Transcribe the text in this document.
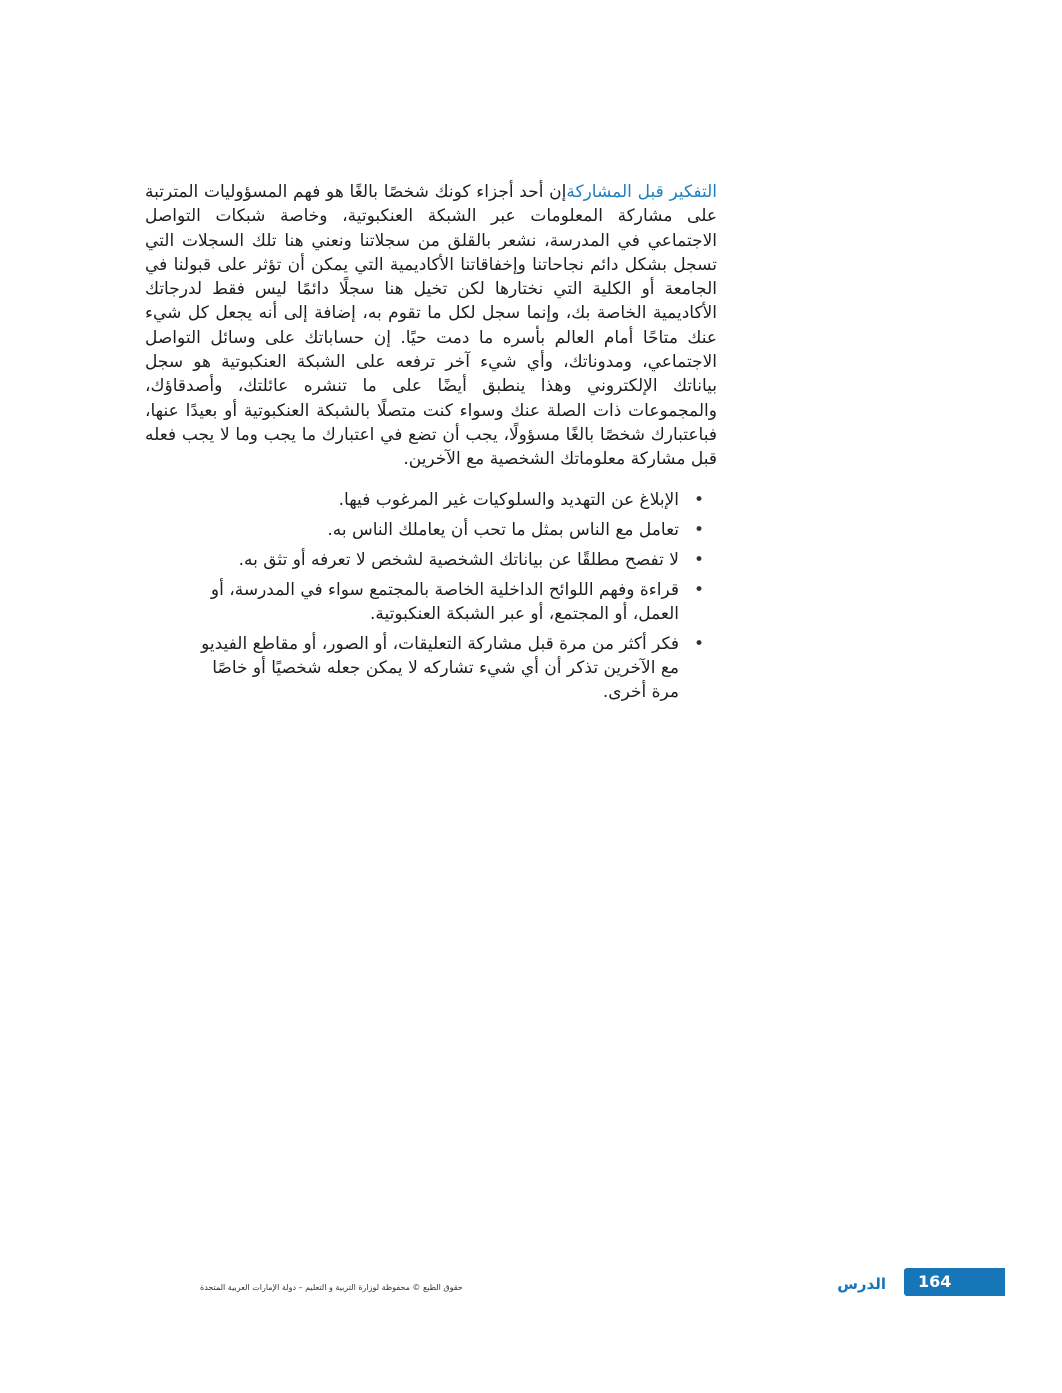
التفكير قبل المشاركةإن أحد أجزاء كونك شخصًا بالغًا هو فهم المسؤوليات المترتبة على مشاركة المعلومات عبر الشبكة العنكبوتية، وخاصة شبكات التواصل الاجتماعي في المدرسة، نشعر بالقلق من سجلاتنا ونعني هنا تلك السجلات التي تسجل بشكل دائم نجاحاتنا وإخفاقاتنا الأكاديمية التي يمكن أن تؤثر على قبولنا في الجامعة أو الكلية التي نختارها لكن تخيل هنا سجلًا دائمًا ليس فقط لدرجاتك الأكاديمية الخاصة بك، وإنما سجل لكل ما تقوم به، إضافة إلى أنه يجعل كل شيء عنك متاحًا أمام العالم بأسره ما دمت حيًا. إن حساباتك على وسائل التواصل الاجتماعي، ومدوناتك، وأي شيء آخر ترفعه على الشبكة العنكبوتية هو سجل بياناتك الإلكتروني وهذا ينطبق أيضًا على ما تنشره عائلتك، وأصدقاؤك، والمجموعات ذات الصلة عنك وسواء كنت متصلًا بالشبكة العنكبوتية أو بعيدًا عنها، فباعتبارك شخصًا بالغًا مسؤولًا، يجب أن تضع في اعتبارك ما يجب وما لا يجب فعله قبل مشاركة معلوماتك الشخصية مع الآخرين.

•
الإبلاغ عن التهديد والسلوكيات غير المرغوب فيها.
•
تعامل مع الناس بمثل ما تحب أن يعاملك الناس به.
•
لا تفصح مطلقًا عن بياناتك الشخصية لشخص لا تعرفه أو تثق به.
•
قراءة وفهم اللوائح الداخلية الخاصة بالمجتمع سواء في المدرسة، أو العمل، أو المجتمع، أو عبر الشبكة العنكبوتية.
•
فكر أكثر من مرة قبل مشاركة التعليقات، أو الصور، أو مقاطع الفيديو مع الآخرين تذكر أن أي شيء تشاركه لا يمكن جعله شخصيًا أو خاصًا مرة أخرى.
حقوق الطبع © محفوظة لوزارة التربية و التعليم – دولة الإمارات العربية المتحدة	الدرس 164
